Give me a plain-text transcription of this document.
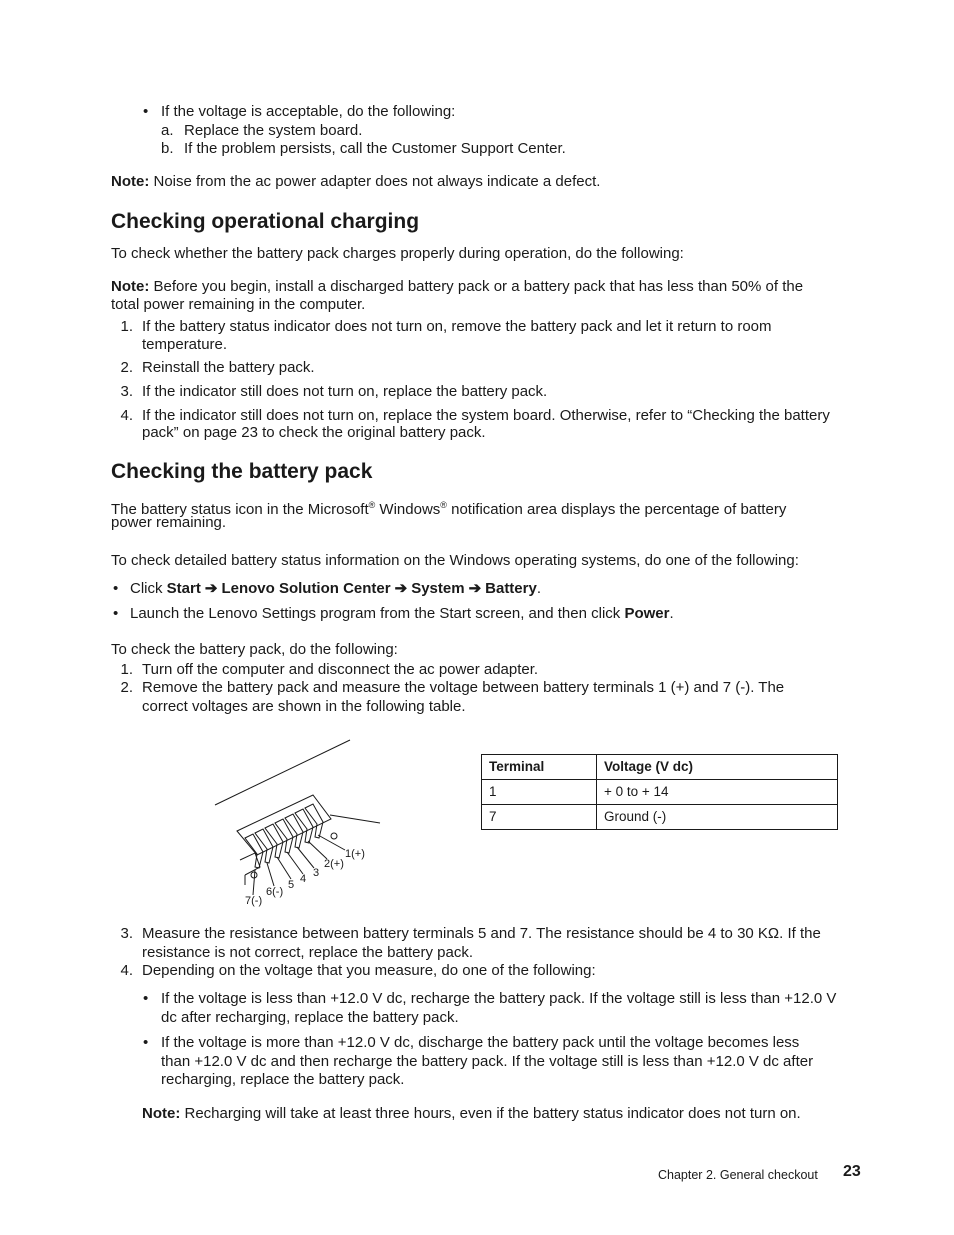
• If the voltage is acceptable, do the following:
a. Replace the system board.
b. If the problem persists, call the Customer Support Center.
Note: Noise from the ac power adapter does not always indicate a defect.
Checking operational charging
To check whether the battery pack charges properly during operation, do the following:
Note: Before you begin, install a discharged battery pack or a battery pack that has less than 50% of the
total power remaining in the computer.
1. If the battery status indicator does not turn on, remove the battery pack and let it return to room
temperature.
2. Reinstall the battery pack.
3. If the indicator still does not turn on, replace the battery pack.
4. If the indicator still does not turn on, replace the system board. Otherwise, refer to “Checking the battery
pack” on page 23 to check the original battery pack.
Checking the battery pack
The battery status icon in the Microsoft® Windows® notification area displays the percentage of battery
power remaining.
To check detailed battery status information on the Windows operating systems, do one of the following:
• Click Start ➔ Lenovo Solution Center ➔ System ➔ Battery.
• Launch the Lenovo Settings program from the Start screen, and then click Power.
To check the battery pack, do the following:
1. Turn off the computer and disconnect the ac power adapter.
2. Remove the battery pack and measure the voltage between battery terminals 1 (+) and 7 (-). The
correct voltages are shown in the following table.
1(+)
2(+)
3
4
5
6(-)
7(-)
Terminal	Voltage (V dc)
1	+ 0 to + 14
7	Ground (-)
3. Measure the resistance between battery terminals 5 and 7. The resistance should be 4 to 30 KΩ. If the
resistance is not correct, replace the battery pack.
4. Depending on the voltage that you measure, do one of the following:
• If the voltage is less than +12.0 V dc, recharge the battery pack. If the voltage still is less than +12.0 V
dc after recharging, replace the battery pack.
• If the voltage is more than +12.0 V dc, discharge the battery pack until the voltage becomes less
than +12.0 V dc and then recharge the battery pack. If the voltage still is less than +12.0 V dc after
recharging, replace the battery pack.
Note: Recharging will take at least three hours, even if the battery status indicator does not turn on.
Chapter 2. General checkout 23
